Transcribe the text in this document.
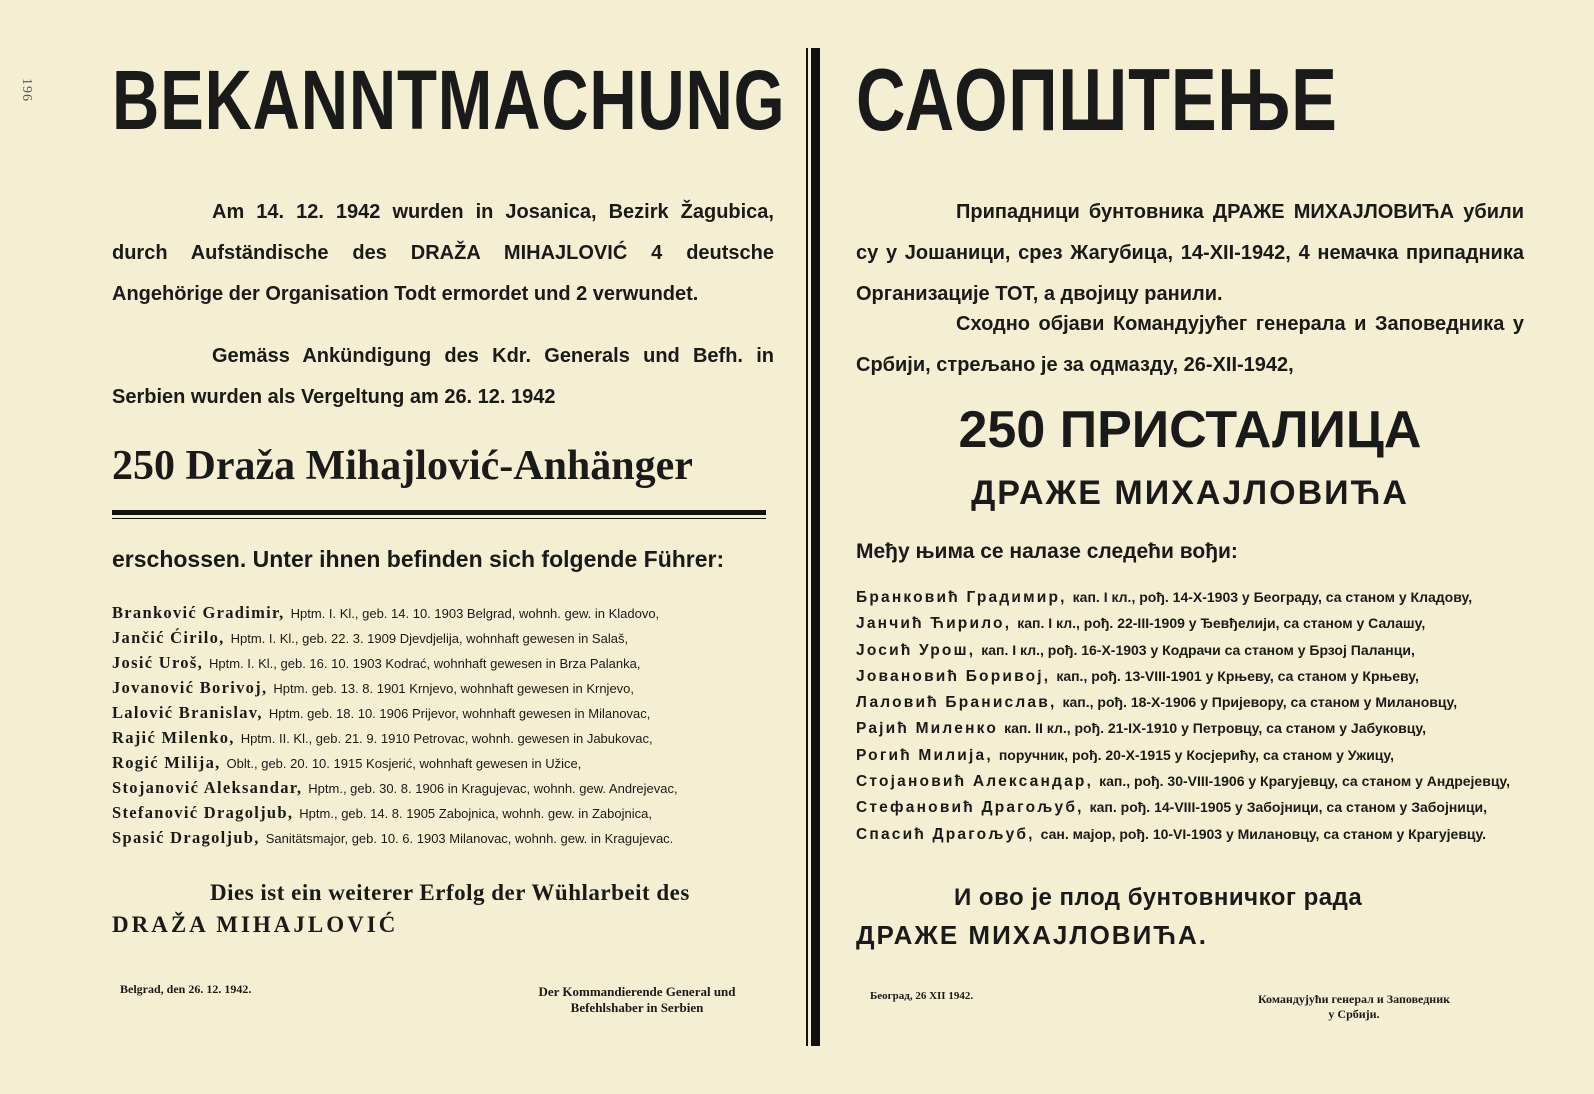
196 BEKANNTMACHUNG
Am 14. 12. 1942 wurden in Josanica, Bezirk Žagubica, durch Aufständische des DRAŽA MIHAJLOVIĆ 4 deutsche Angehörige der Organisation Todt ermordet und 2 verwundet.
Gemäss Ankündigung des Kdr. Generals und Befh. in Serbien wurden als Vergeltung am 26. 12. 1942
250 Draža Mihajlović-Anhänger
erschossen. Unter ihnen befinden sich folgende Führer:
Branković Gradimir, Hptm. I. Kl., geb. 14. 10. 1903 Belgrad, wohnh. gew. in Kladovo,
Jančić Ćirilo, Hptm. I. Kl., geb. 22. 3. 1909 Djevdjelija, wohnhaft gewesen in Salaš,
Josić Uroš, Hptm. I. Kl., geb. 16. 10. 1903 Kodrać, wohnhaft gewesen in Brza Palanka,
Jovanović Borivoj, Hptm. geb. 13. 8. 1901 Krnjevo, wohnhaft gewesen in Krnjevo,
Lalović Branislav, Hptm. geb. 18. 10. 1906 Prijevor, wohnhaft gewesen in Milanovac,
Rajić Milenko, Hptm. II. Kl., geb. 21. 9. 1910 Petrovac, wohnh. gewesen in Jabukovac,
Rogić Milija, Oblt., geb. 20. 10. 1915 Kosjerić, wohnhaft gewesen in Užice,
Stojanović Aleksandar, Hptm., geb. 30. 8. 1906 in Kragujevac, wohnh. gew. Andrejevac,
Stefanović Dragoljub, Hptm., geb. 14. 8. 1905 Zabojnica, wohnh. gew. in Zabojnica,
Spasić Dragoljub, Sanitätsmajor, geb. 10. 6. 1903 Milanovac, wohnh. gew. in Kragujevac.
Dies ist ein weiterer Erfolg der Wühlarbeit des
DRAŽA MIHAJLOVIĆ
Belgrad, den 26. 12. 1942.	Der Kommandierende General und
Befehlshaber in Serbien
САОПШТЕЊЕ
Припадници бунтовника ДРАЖЕ МИХАЈЛОВИЋА убили су у Јошаници, срез Жагубица, 14-XII-1942, 4 немачка припадника Организације ТОТ, а двојицу ранили.
Сходно објави Командујућег генерала и Заповедника у Србији, стрељано је за одмазду, 26-XII-1942,
250 ПРИСТАЛИЦА
ДРАЖЕ МИХАЈЛОВИЋА
Међу њима се налазе следећи вођи:
Бранковић Градимир, кап. I кл., рођ. 14-X-1903 у Београду, са станом у Кладову,
Јанчић Ћирило, кап. I кл., рођ. 22-III-1909 у Ђевђелији, са станом у Салашу,
Јосић Урош, кап. I кл., рођ. 16-X-1903 у Кодрачи са станом у Брзој Паланци,
Јовановић Боривој, кап., рођ. 13-VIII-1901 у Крњеву, са станом у Крњеву,
Лаловић Бранислав, кап., рођ. 18-X-1906 у Пријевору, са станом у Милановцу,
Рајић Миленко кап. II кл., рођ. 21-IX-1910 у Петровцу, са станом у Јабуковцу,
Рогић Милија, поручник, рођ. 20-X-1915 у Косјерићу, са станом у Ужицу,
Стојановић Александар, кап., рођ. 30-VIII-1906 у Крагујевцу, са станом у Андрејевцу,
Стефановић Драгољуб, кап. рођ. 14-VIII-1905 у Забојници, са станом у Забојници,
Спасић Драгољуб, сан. мајор, рођ. 10-VI-1903 у Милановцу, са станом у Крагујевцу.
И ово је плод бунтовничког рада
ДРАЖЕ МИХАЈЛОВИЋА.
Београд, 26 XII 1942.	Командујући генерал и Заповедник
у Србији.
